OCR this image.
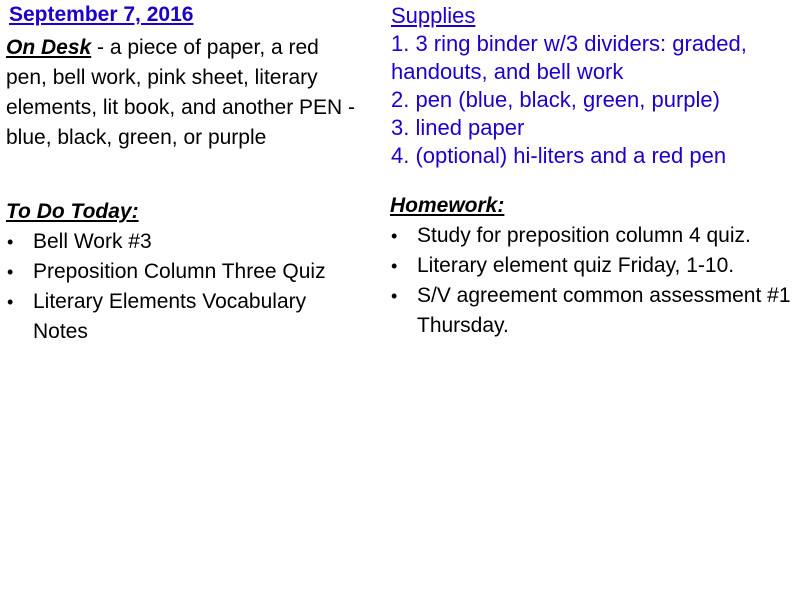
September 7, 2016
On Desk - a piece of paper, a red pen, bell work, pink sheet, literary elements, lit book, and another PEN - blue, black, green, or purple
To Do Today:
• Bell Work #3
• Preposition Column Three Quiz
• Literary Elements Vocabulary Notes
Supplies
1. 3 ring binder w/3 dividers: graded, handouts, and bell work
2. pen (blue, black, green, purple)
3. lined paper
4. (optional) hi-liters and a red pen
Homework:
• Study for preposition column 4 quiz.
• Literary element quiz Friday, 1-10.
• S/V agreement common assessment #1 Thursday.
